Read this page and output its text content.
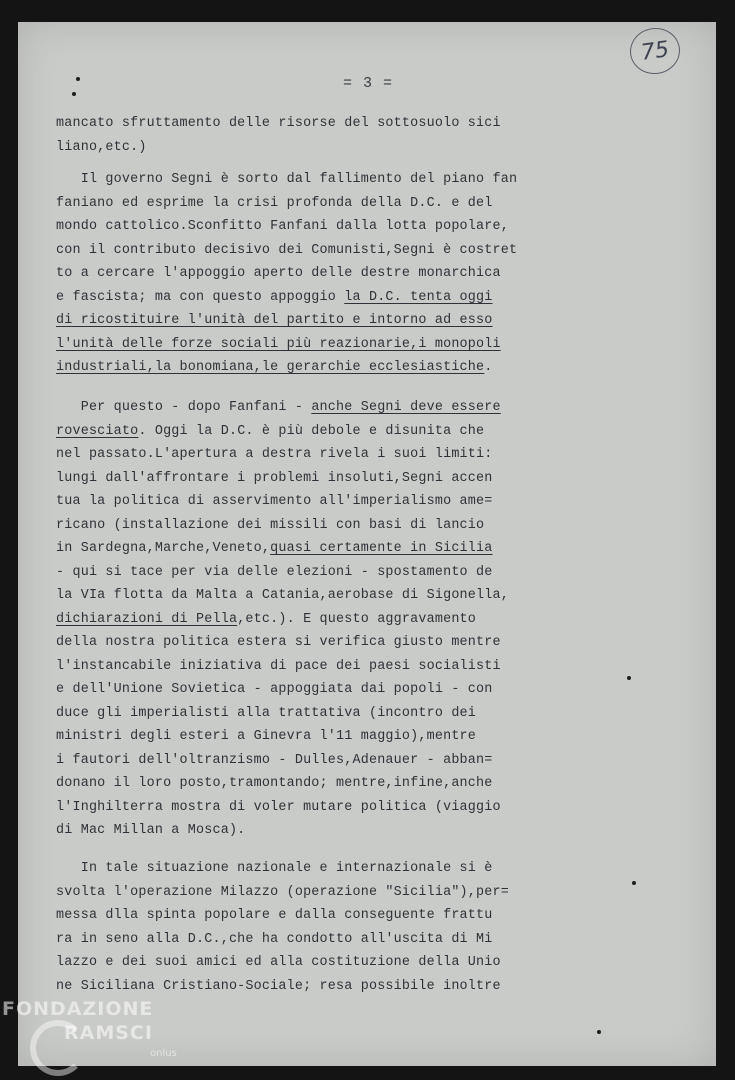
75
= 3 =
mancato sfruttamento delle risorse del sottosuolo sici
liano,etc.)
Il governo Segni è sorto dal fallimento del piano fan
faniano ed esprime la crisi profonda della D.C. e del
mondo cattolico.Sconfitto Fanfani dalla lotta popolare,
con il contributo decisivo dei Comunisti,Segni è costret
to a cercare l'appoggio aperto delle destre monarchica
e fascista; ma con questo appoggio la D.C. tenta oggi
di ricostituire l'unità del partito e intorno ad esso
l'unità delle forze sociali più reazionarie,i monopoli
industriali,la bonomiana,le gerarchie ecclesiastiche.
Per questo - dopo Fanfani - anche Segni deve essere
rovesciato. Oggi la D.C. è più debole e disunita che
nel passato.L'apertura a destra rivela i suoi limiti:
lungi dall'affrontare i problemi insoluti,Segni accen
tua la politica di asservimento all'imperialismo ame=
ricano (installazione dei missili con basi di lancio
in Sardegna,Marche,Veneto,quasi certamente in Sicilia
- qui si tace per via delle elezioni - spostamento de
la VIa flotta da Malta a Catania,aerobase di Sigonella,
dichiarazioni di Pella,etc.). E questo aggravamento
della nostra politica estera si verifica giusto mentre
l'instancabile iniziativa di pace dei paesi socialisti
e dell'Unione Sovietica - appoggiata dai popoli - con
duce gli imperialisti alla trattativa (incontro dei
ministri degli esteri a Ginevra l'11 maggio),mentre
i fautori dell'oltranzismo - Dulles,Adenauer - abban=
donano il loro posto,tramontando; mentre,infine,anche
l'Inghilterra mostra di voler mutare politica (viaggio
di Mac Millan a Mosca).
In tale situazione nazionale e internazionale si è
svolta l'operazione Milazzo (operazione "Sicilia"),per=
messa dlla spinta popolare e dalla conseguente frattu
ra in seno alla D.C.,che ha condotto all'uscita di Mi
lazzo e dei suoi amici ed alla costituzione della Unio
ne Siciliana Cristiano-Sociale; resa possibile inoltre
FONDAZIONE
RAMSCI
onlus
